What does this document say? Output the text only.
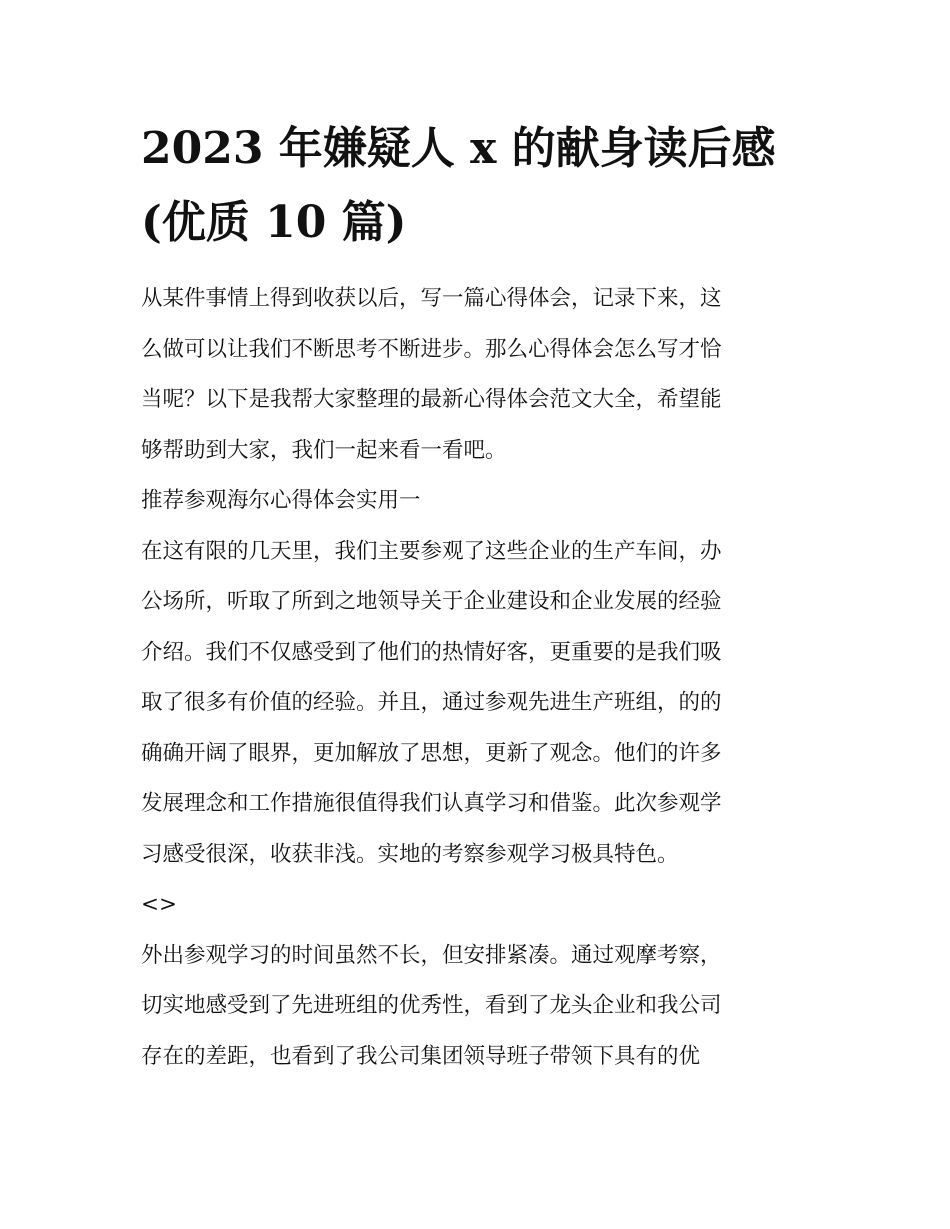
2023 年嫌疑人 x 的献身读后感
(优质 10 篇)
从某件事情上得到收获以后，写一篇心得体会，记录下来，这
么做可以让我们不断思考不断进步。那么心得体会怎么写才恰
当呢？以下是我帮大家整理的最新心得体会范文大全，希望能
够帮助到大家，我们一起来看一看吧。
推荐参观海尔心得体会实用一
在这有限的几天里，我们主要参观了这些企业的生产车间，办
公场所，听取了所到之地领导关于企业建设和企业发展的经验
介绍。我们不仅感受到了他们的热情好客，更重要的是我们吸
取了很多有价值的经验。并且，通过参观先进生产班组，的的
确确开阔了眼界，更加解放了思想，更新了观念。他们的许多
发展理念和工作措施很值得我们认真学习和借鉴。此次参观学
习感受很深，收获非浅。实地的考察参观学习极具特色。
<>
外出参观学习的时间虽然不长，但安排紧凑。通过观摩考察，
切实地感受到了先进班组的优秀性，看到了龙头企业和我公司
存在的差距，也看到了我公司集团领导班子带领下具有的优
